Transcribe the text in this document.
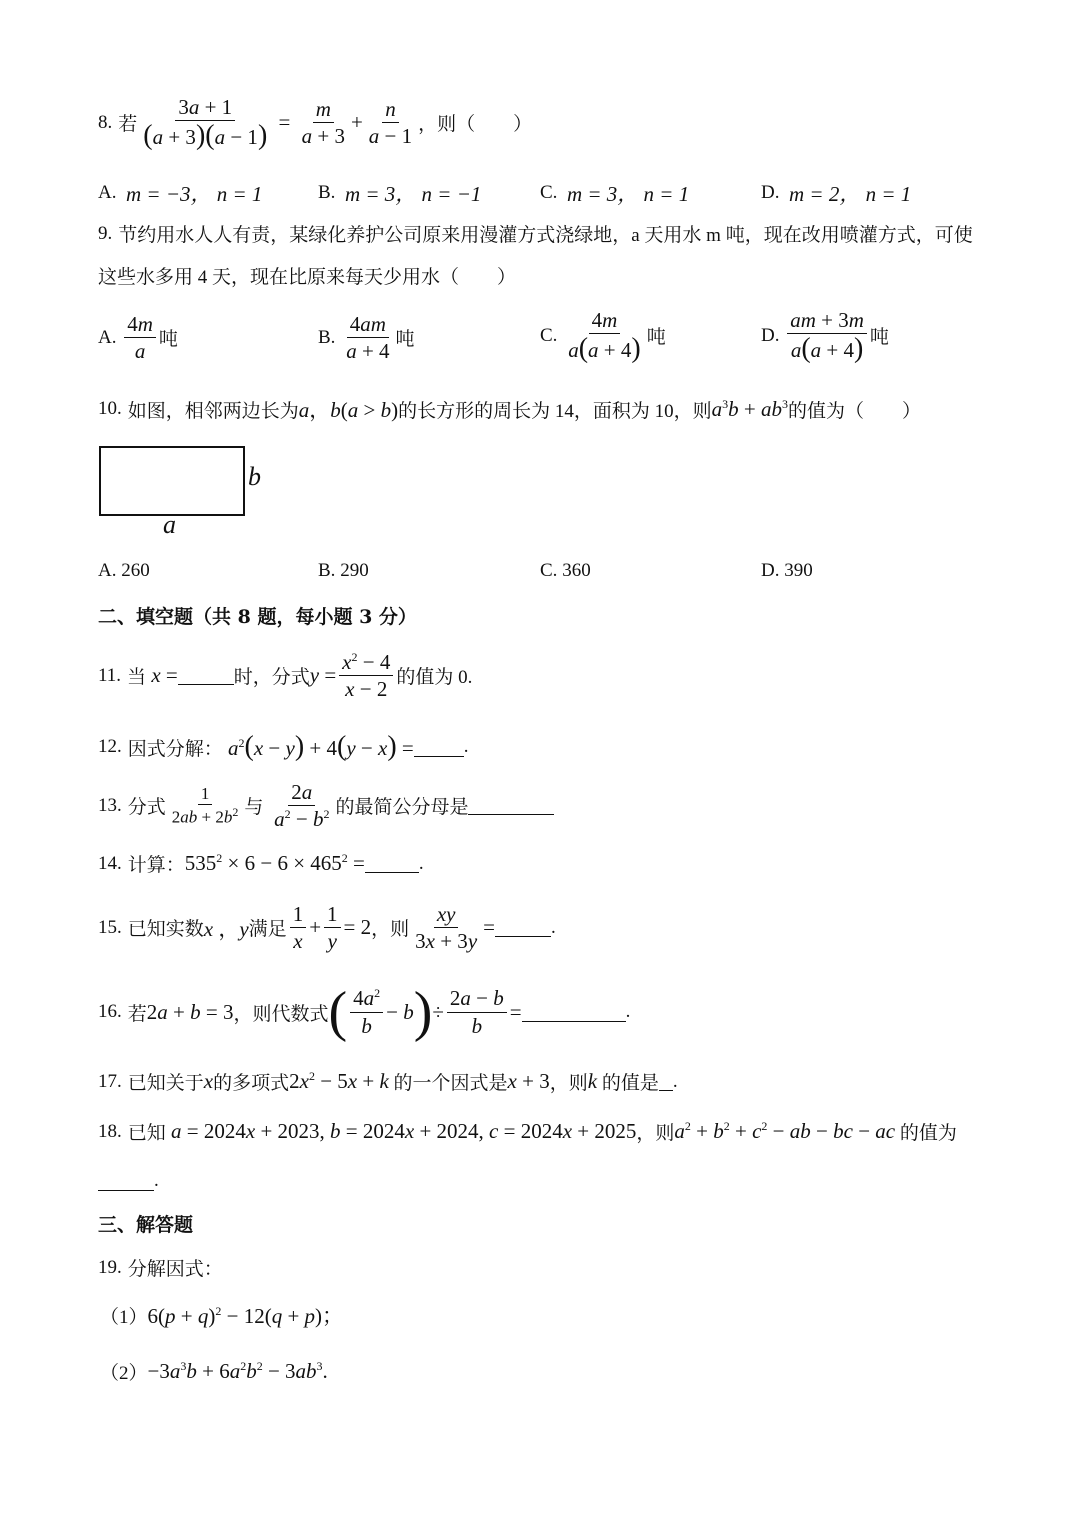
8. 若 $\frac{3a + 1}{(a + 3)(a - 1)} = \frac{m}{a + 3} + \frac{n}{a - 1}$ ，则（　　）
A.
m = −3， n = 1	B.
m = 3， n = −1	C.
m = 3， n = 1	D.
m = 2， n = 1
9. 节约用水人人有责，某绿化养护公司原来用漫灌方式浇绿地，a 天用水 m 吨，现在改用喷灌方式，可使
这些水多用 4 天，现在比原来每天少用水（　　）
A.
$\frac{4m}{a}$ 吨	B.
$\frac{4am}{a + 4}$ 吨	C.
$\frac{4m}{a(a + 4)}$ 吨	D.
$\frac{am + 3m}{a(a + 4)}$ 吨
10. 如图，相邻两边长为 a，b(a > b) 的长方形的周长为 14，面积为 10，则 $a^3b + ab^3$ 的值为（　　）
b
a
A.
260	B.
290	C.
360	D.
390
二、填空题（共 8 题，每小题 3 分）
11. 当 x =	时，分式 $y = \frac{x^2 - 4}{x - 2}$ 的值为 0.
12. 因式分解： $a^2(x - y) + 4(y - x)$ =	.
13. 分式 $\frac{1}{2ab + 2b^2}$ 与
$\frac{2a}{a^2 - b^2}$ 的最简公分母是
14. 计算： $535^2 \times 6 - 6 \times 465^2$ =	.
15. 已知实数 x ，y 满足 $\frac{1}{x} + \frac{1}{y} = 2$ ，则 $\frac{xy}{3x + 3y}$ =	.
16. 若 2a + b = 3 ，则代数式 ( $\frac{4a^2}{b} - b$ ) ÷ $\frac{2a - b}{b}$ =	.
17. 已知关于 x 的多项式 $2x^2 - 5x + k$
的一个因式是 x + 3 ，则 k
的值是 .
18. 已知 a = 2024x + 2023, b = 2024x + 2024, c = 2024x + 2025 ，则 $a^2 + b^2 + c^2$ − ab − bc − ac
的值为
.
三、解答题
19. 分解因式：
（1） $6(p + q)^2 - 12(q + p)$；
$(2) -3a^3b + 6a^2b^2 - 3ab^3$.
